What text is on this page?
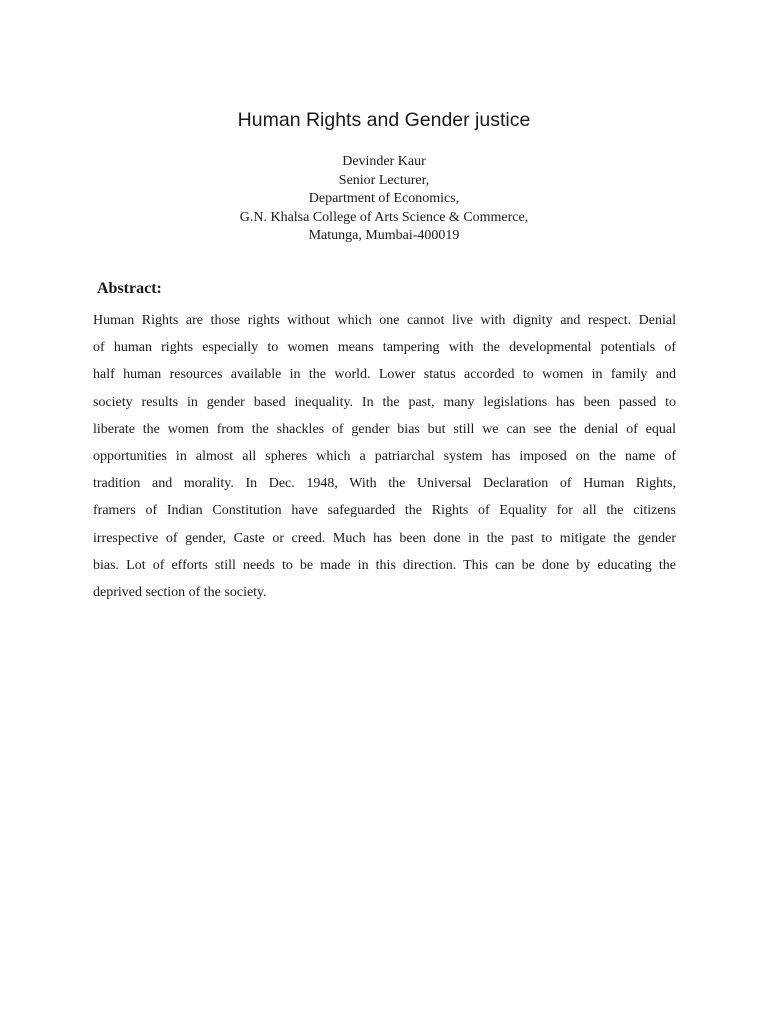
Human Rights and Gender justice
Devinder Kaur
Senior Lecturer,
Department of Economics,
G.N. Khalsa College of Arts Science & Commerce,
Matunga, Mumbai-400019
Abstract:
Human Rights are those rights without which one cannot live with dignity and respect. Denial
of human rights especially to women means tampering with the developmental potentials of
half human resources available in the world. Lower status accorded to women in family and
society results in gender based inequality. In the past, many legislations has been passed to
liberate the women from the shackles of gender bias but still we can see the denial of equal
opportunities in almost all spheres which a patriarchal system has imposed on the name of
tradition and morality. In Dec. 1948, With the Universal Declaration of Human Rights,
framers of Indian Constitution have safeguarded the Rights of Equality for all the citizens
irrespective of gender, Caste or creed. Much has been done in the past to mitigate the gender
bias. Lot of efforts still needs to be made in this direction. This can be done by educating the
deprived section of the society.
